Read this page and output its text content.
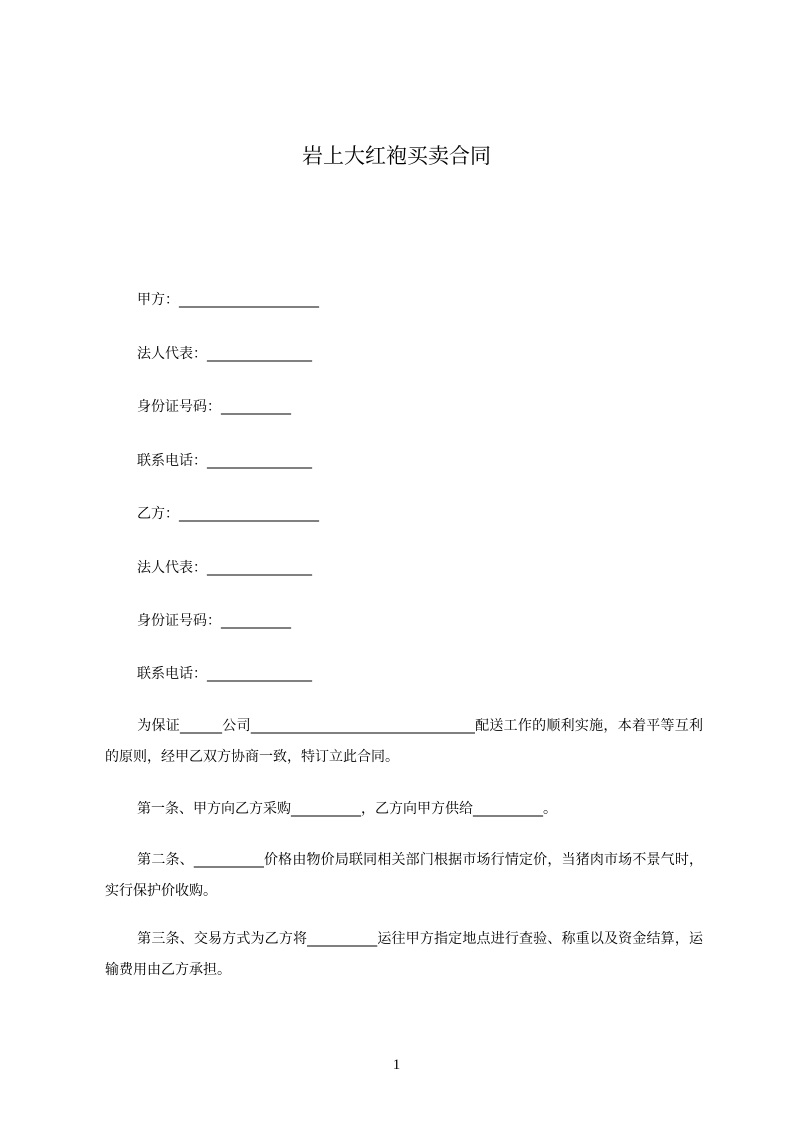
岩上大红袍买卖合同
甲方：____________________
法人代表：_______________
身份证号码：__________
联系电话：_______________
乙方：____________________
法人代表：_______________
身份证号码：__________
联系电话：_______________
为保证______公司________________________________配送工作的顺利实施，本着平等互利的原则，经甲乙双方协商一致，特订立此合同。
第一条、甲方向乙方采购__________，乙方向甲方供给__________。
第二条、__________价格由物价局联同相关部门根据市场行情定价，当猪肉市场不景气时，实行保护价收购。
第三条、交易方式为乙方将__________运往甲方指定地点进行查验、称重以及资金结算，运输费用由乙方承担。
1
